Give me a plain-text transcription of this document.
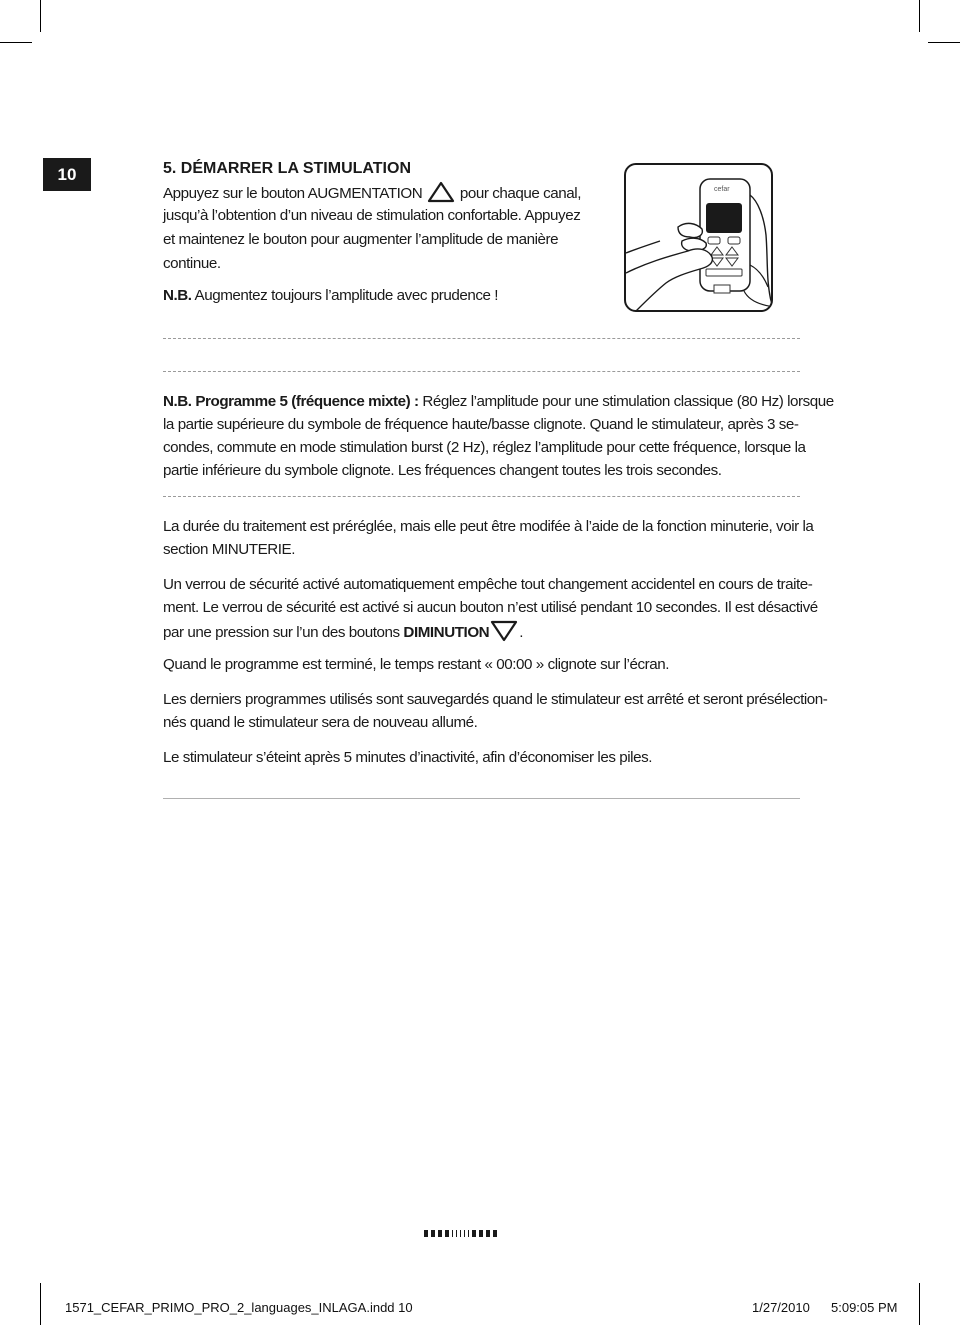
10	5. DÉMARRER LA STIMULATION
Appuyez sur le bouton AUGMENTATION pour chaque canal,
jusqu’à l’obtention d’un niveau de stimulation confortable. Appuyez
et maintenez le bouton pour augmenter l’amplitude de manière
continue.
N.B. Augmentez toujours l’amplitude avec prudence !
cefar
N.B. Programme 5 (fréquence mixte) : Réglez l’amplitude pour une stimulation classique (80 Hz) lorsque
la partie supérieure du symbole de fréquence haute/basse clignote. Quand le stimulateur, après 3 se-
condes, commute en mode stimulation burst (2 Hz), réglez l’amplitude pour cette fréquence, lorsque la
partie inférieure du symbole clignote. Les fréquences changent toutes les trois secondes.
La durée du traitement est préréglée, mais elle peut être modifée à l’aide de la fonction minuterie, voir la
section MINUTERIE.
Un verrou de sécurité activé automatiquement empêche tout changement accidentel en cours de traite-
ment. Le verrou de sécurité est activé si aucun bouton n’est utilisé pendant 10 secondes. Il est désactivé
par une pression sur l’un des boutons DIMINUTION .
Quand le programme est terminé, le temps restant « 00:00 » clignote sur l’écran.
Les derniers programmes utilisés sont sauvegardés quand le stimulateur est arrêté et seront présélection-
nés quand le stimulateur sera de nouveau allumé.
Le stimulateur s’éteint après 5 minutes d’inactivité, afin d’économiser les piles.
1571_CEFAR_PRIMO_PRO_2_languages_INLAGA.indd 10	1/27/2010 5:09:05 PM
